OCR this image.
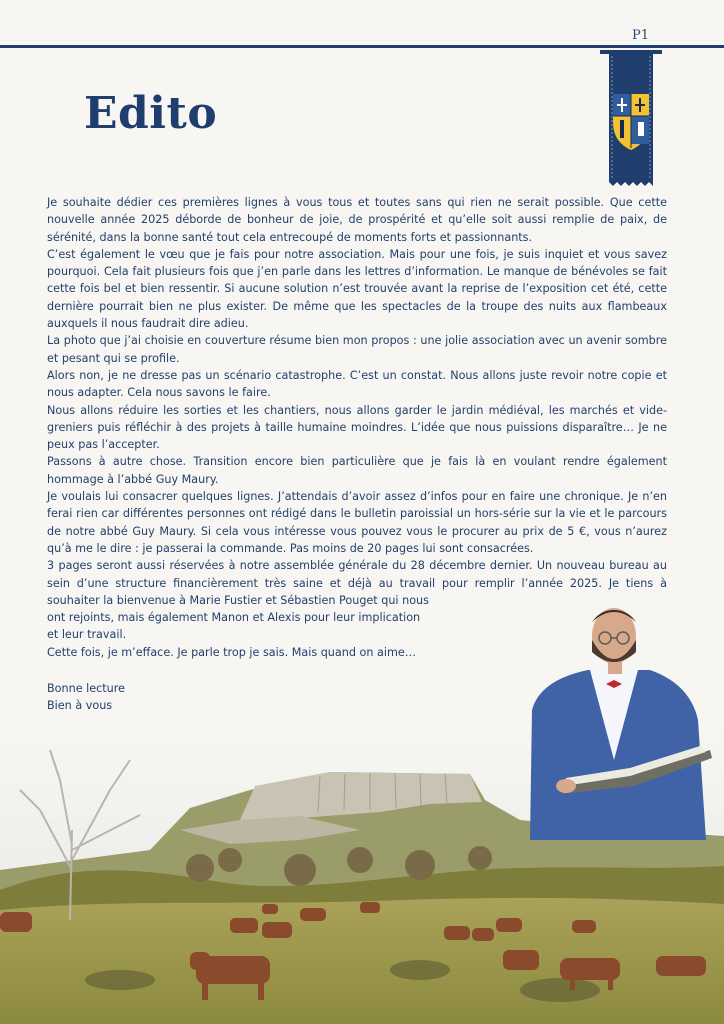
P1
Edito

Je souhaite dédier ces premières lignes à vous tous et toutes sans qui rien ne serait possible. Que cette nouvelle année 2025 déborde de bonheur de joie, de prospérité et qu’elle soit aussi remplie de paix, de sérénité, dans la bonne santé tout cela entrecoupé de moments forts et passionnants.

C’est également le vœu que je fais pour notre association. Mais pour une fois, je suis inquiet et vous savez pourquoi. Cela fait plusieurs fois que j’en parle dans les lettres d’information. Le manque de bénévoles se fait cette fois bel et bien ressentir. Si aucune solution n’est trouvée avant la reprise de l’exposition cet été, cette dernière pourrait bien ne plus exister. De même que les spectacles de la troupe des nuits aux flambeaux auxquels il nous faudrait dire adieu.

La photo que j’ai choisie en couverture résume bien mon propos : une jolie association avec un avenir sombre et pesant qui se profile.

Alors non, je ne dresse pas un scénario catastrophe. C’est un constat. Nous allons juste revoir notre copie et nous adapter. Cela nous savons le faire.

Nous allons réduire les sorties et les chantiers, nous allons garder le jardin médiéval, les marchés et vide-greniers puis réfléchir à des projets à taille humaine moindres. L’idée que nous puissions disparaître… Je ne peux pas l’accepter.

Passons à autre chose. Transition encore bien particulière que je fais là en voulant rendre également hommage à l’abbé Guy Maury.

Je voulais lui consacrer quelques lignes. J’attendais d’avoir assez d’infos pour en faire une chronique. Je n’en ferai rien car différentes personnes ont rédigé dans le bulletin paroissial un hors-série sur la vie et le parcours de notre abbé Guy Maury. Si cela vous intéresse vous pouvez vous le procurer au prix de 5 €, vous n’aurez qu’à me le dire : je passerai la commande. Pas moins de 20 pages lui sont consacrées.

3 pages seront aussi réservées à notre assemblée générale du 28 décembre dernier. Un nouveau bureau au sein d’une structure financièrement très saine et déjà au travail pour remplir l’année 2025. Je tiens à souhaiter la bienvenue à Marie Fustier et Sébastien Pouget qui nous

ont rejoints, mais également Manon et Alexis pour leur implication

et leur travail.

Cette fois, je m’efface. Je parle trop je sais. Mais quand on aime…

Bonne lecture

Bien à vous
